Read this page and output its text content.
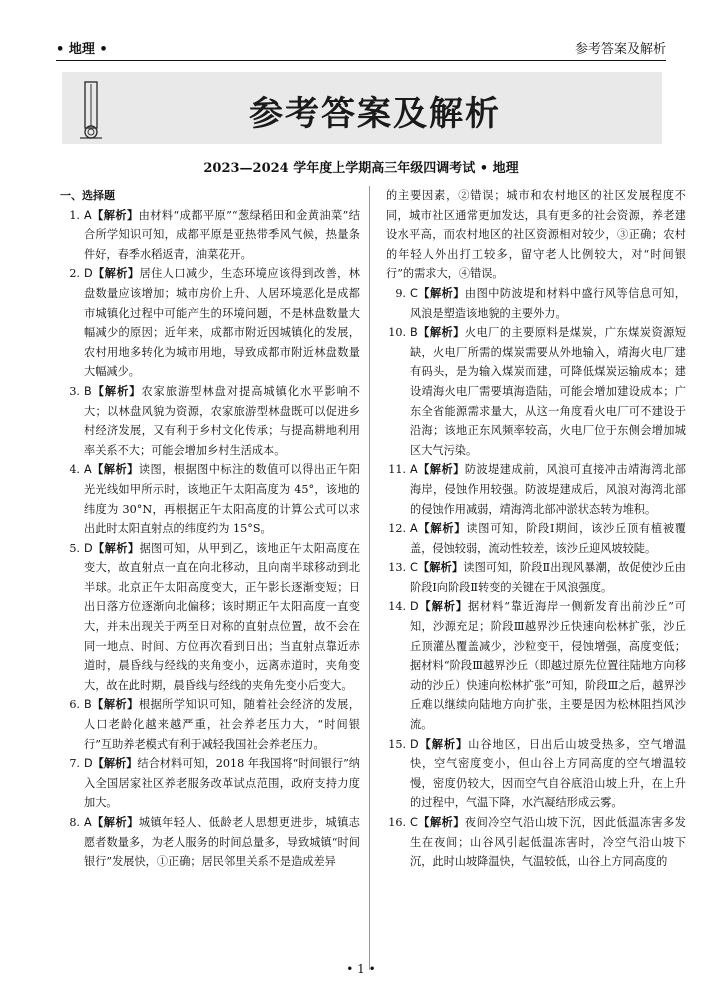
• 地理 •	参考答案及解析
参考答案及解析
2023—2024 学年度上学期高三年级四调考试 • 地理
一、选择题
1. A【解析】由材料“成都平原”“葱绿稻田和金黄油菜”结合所学知识可知，成都平原是亚热带季风气候，热量条件好，春季水稻返青，油菜花开。
2. D【解析】居住人口减少，生态环境应该得到改善，林盘数量应该增加；城市房价上升、人居环境恶化是成都市城镇化过程中可能产生的环境问题，不是林盘数量大幅减少的原因；近年来，成都市附近因城镇化的发展，农村用地多转化为城市用地，导致成都市附近林盘数量大幅减少。
3. B【解析】农家旅游型林盘对提高城镇化水平影响不大；以林盘风貌为资源，农家旅游型林盘既可以促进乡村经济发展，又有利于乡村文化传承；与提高耕地利用率关系不大；可能会增加乡村生活成本。
4. A【解析】读图，根据图中标注的数值可以得出正午阳光光线如甲所示时，该地正午太阳高度为 45°，该地的纬度为 30°N，再根据正午太阳高度的计算公式可以求出此时太阳直射点的纬度约为 15°S。
5. D【解析】据图可知，从甲到乙，该地正午太阳高度在变大，故直射点一直在向北移动，且向南半球移动到北半球。北京正午太阳高度变大，正午影长逐渐变短；日出日落方位逐渐向北偏移；该时期正午太阳高度一直变大，并未出现关于两至日对称的直射点位置，故不会在同一地点、时间、方位再次看到日出；当直射点靠近赤道时，晨昏线与经线的夹角变小，远离赤道时，夹角变大，故在此时期，晨昏线与经线的夹角先变小后变大。
6. B【解析】根据所学知识可知，随着社会经济的发展，人口老龄化越来越严重，社会养老压力大，“时间银行”互助养老模式有利于减轻我国社会养老压力。
7. D【解析】结合材料可知，2018 年我国将“时间银行”纳入全国居家社区养老服务改革试点范围，政府支持力度加大。
8. A【解析】城镇年轻人、低龄老人思想更进步，城镇志愿者数量多，为老人服务的时间总量多，导致城镇“时间银行”发展快，①正确；居民邻里关系不是造成差异
的主要因素，②错误；城市和农村地区的社区发展程度不同，城市社区通常更加发达，具有更多的社会资源，养老建设水平高，而农村地区的社区资源相对较少，③正确；农村的年轻人外出打工较多，留守老人比例较大，对“时间银行”的需求大，④错误。
9. C【解析】由图中防波堤和材料中盛行风等信息可知，风浪是塑造该地貌的主要外力。
10. B【解析】火电厂的主要原料是煤炭，广东煤炭资源短缺，火电厂所需的煤炭需要从外地输入，靖海火电厂建有码头，是为输入煤炭而建，可降低煤炭运输成本；建设靖海火电厂需要填海造陆，可能会增加建设成本；广东全省能源需求量大，从这一角度看火电厂可不建设于沿海；该地正东风频率较高，火电厂位于东侧会增加城区大气污染。
11. A【解析】防波堤建成前，风浪可直接冲击靖海湾北部海岸，侵蚀作用较强。防波堤建成后，风浪对海湾北部的侵蚀作用减弱，靖海湾北部冲淤状态转为堆积。
12. A【解析】读图可知，阶段Ⅰ期间，该沙丘顶有植被覆盖，侵蚀较弱，流动性较差，该沙丘迎风坡较陡。
13. C【解析】读图可知，阶段Ⅱ出现风暴潮，故促使沙丘由阶段Ⅰ向阶段Ⅱ转变的关键在于风浪强度。
14. D【解析】据材料“靠近海岸一侧新发育出前沙丘”可知，沙源充足；阶段Ⅲ越界沙丘快速向松林扩张，沙丘丘顶灌丛覆盖减少，沙粒变干，侵蚀增强，高度变低；据材料“阶段Ⅲ越界沙丘（即越过原先位置往陆地方向移动的沙丘）快速向松林扩张”可知，阶段Ⅲ之后，越界沙丘难以继续向陆地方向扩张，主要是因为松林阻挡风沙流。
15. D【解析】山谷地区，日出后山坡受热多，空气增温快，空气密度变小，但山谷上方同高度的空气增温较慢，密度仍较大，因而空气自谷底沿山坡上升，在上升的过程中，气温下降，水汽凝结形成云雾。
16. C【解析】夜间冷空气沿山坡下沉，因此低温冻害多发生在夜间；山谷风引起低温冻害时，冷空气沿山坡下沉，此时山坡降温快，气温较低，山谷上方同高度的
• 1 •
